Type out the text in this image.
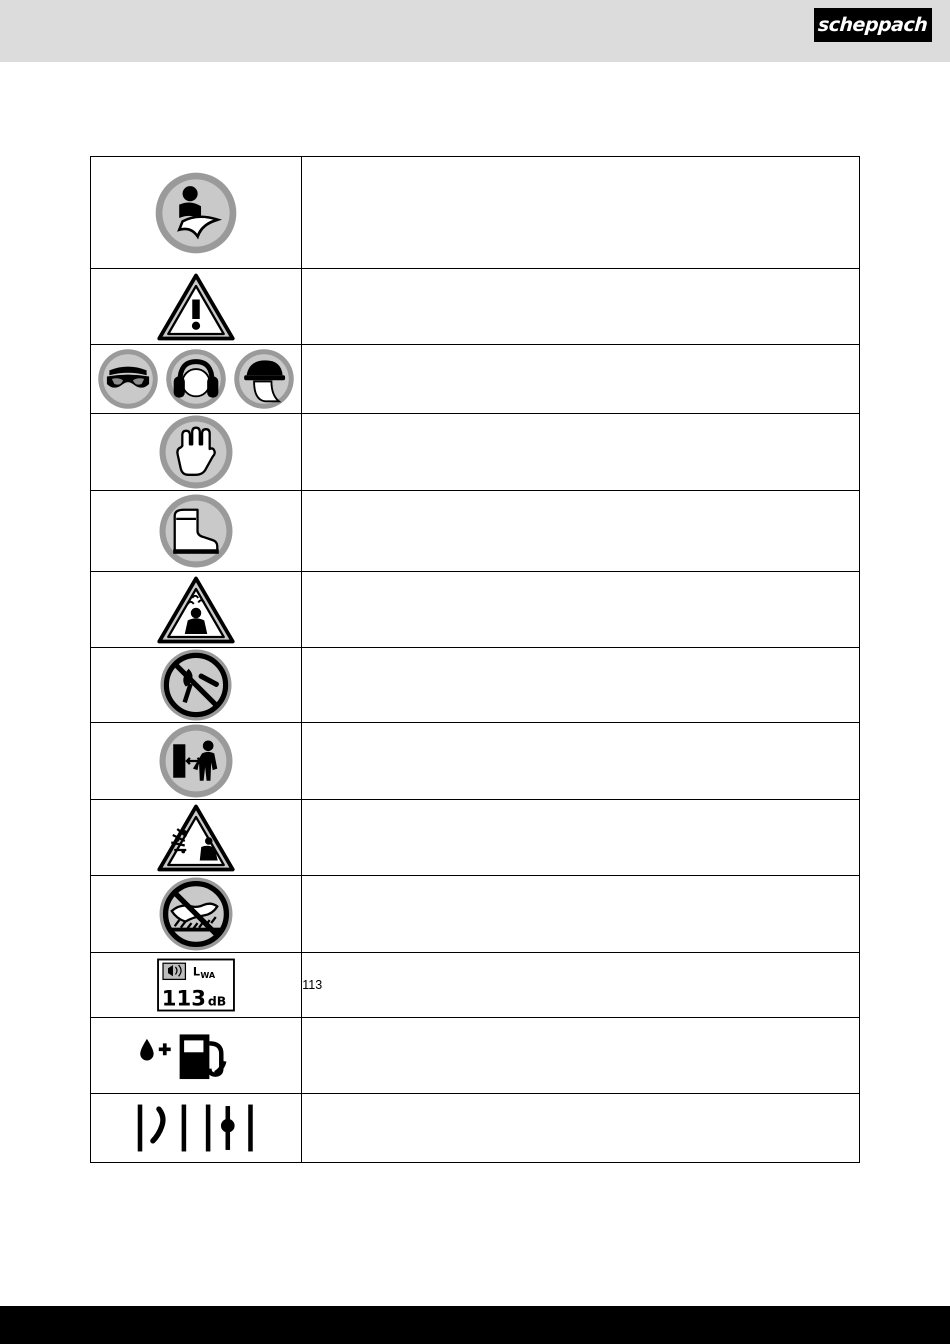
scheppach

L WA
113 dB	113
